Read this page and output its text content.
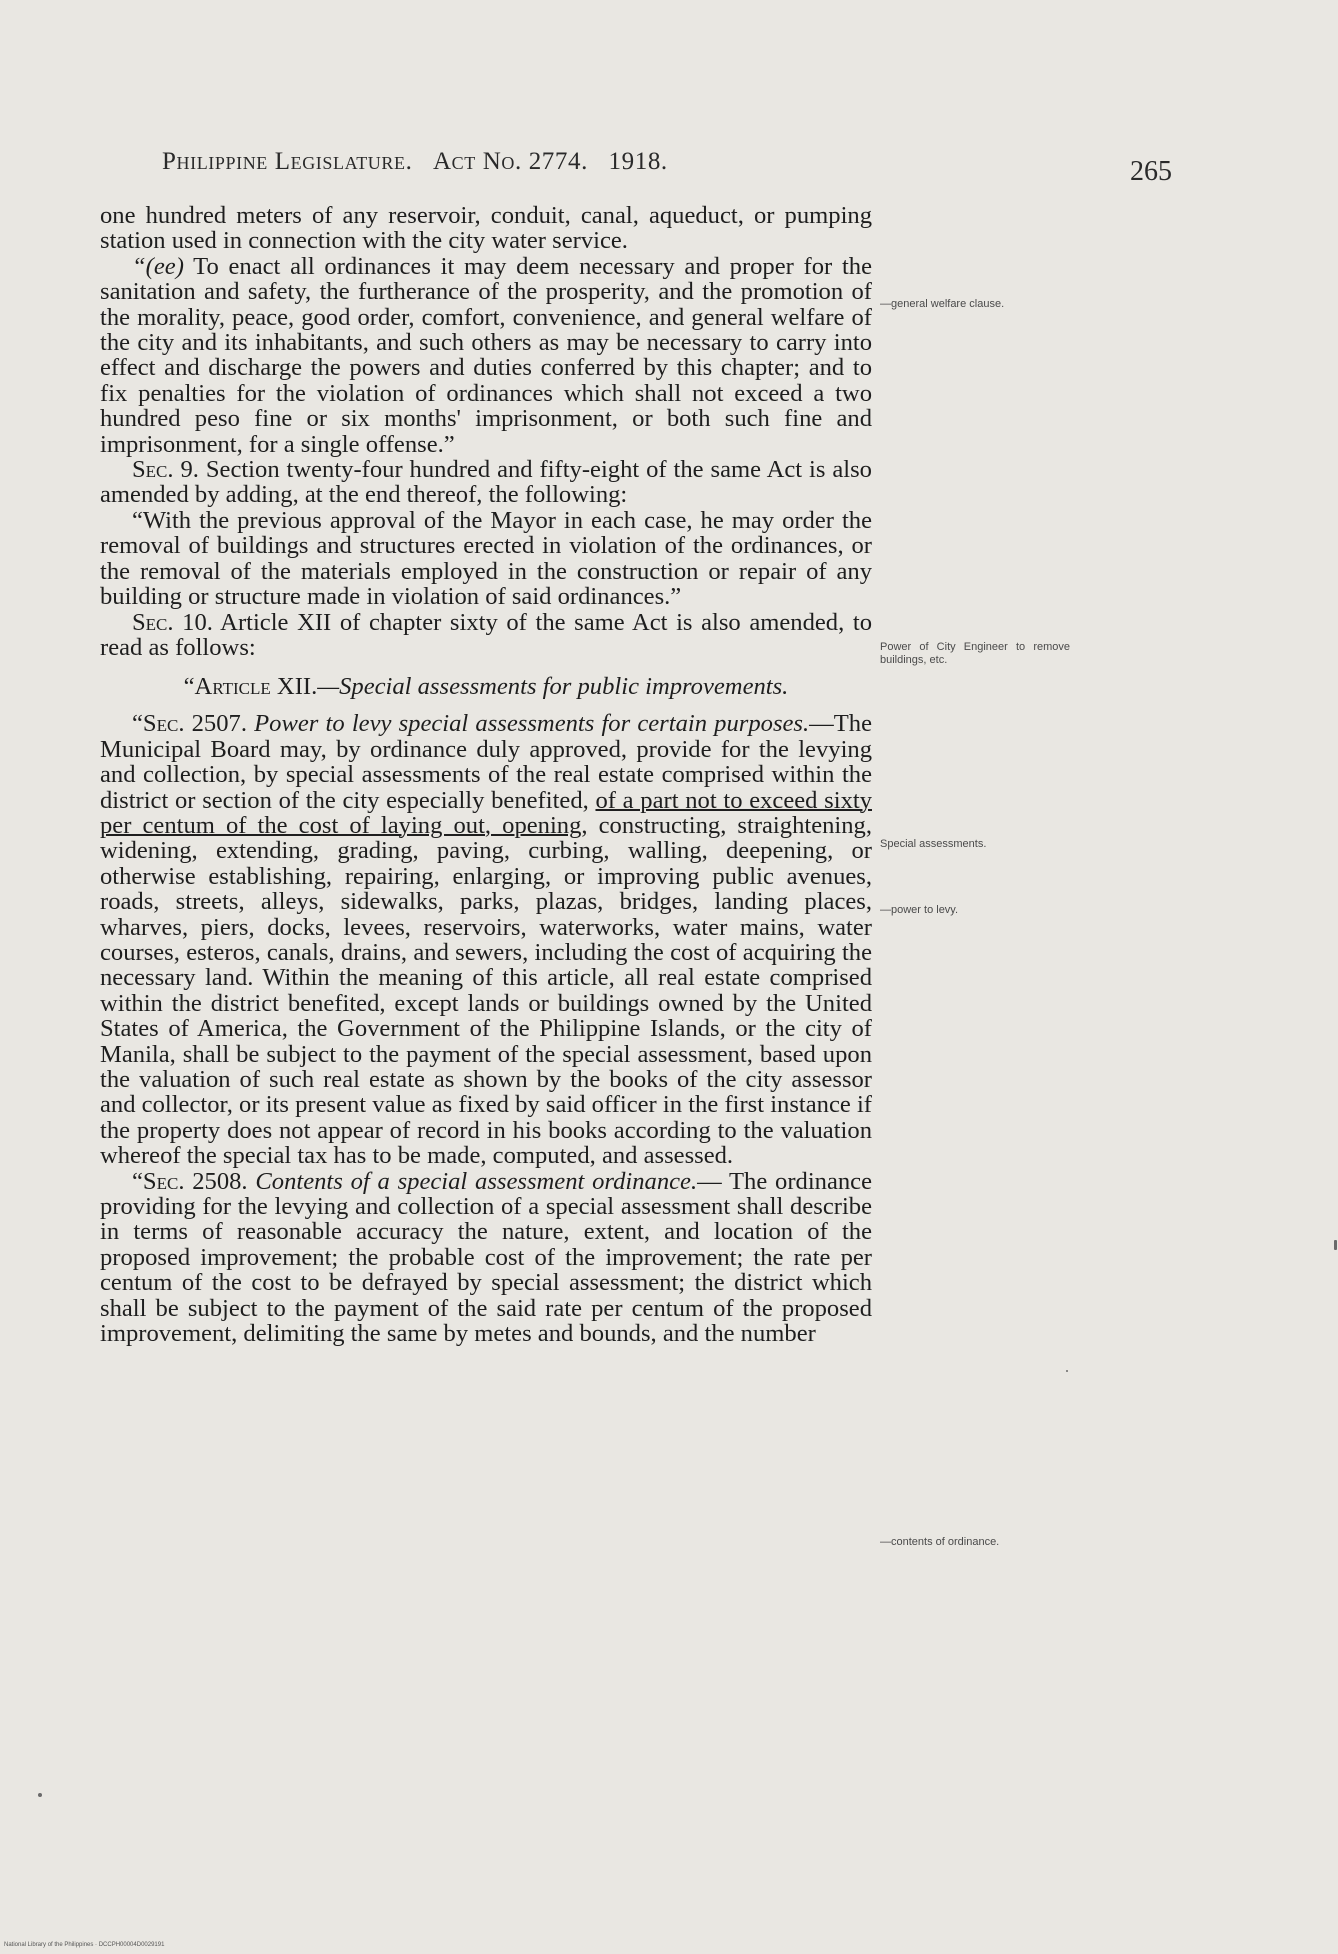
Philippine Legislature. Act No. 2774. 1918.	265

one hundred meters of any reservoir, conduit, canal, aqueduct, or pumping station used in connection with the city water service.

“(ee) To enact all ordinances it may deem necessary and proper for the sanitation and safety, the furtherance of the prosperity, and the promotion of the morality, peace, good order, comfort, convenience, and general welfare of the city and its inhabitants, and such others as may be necessary to carry into effect and discharge the powers and duties conferred by this chapter; and to fix penalties for the violation of ordinances which shall not exceed a two hundred peso fine or six months' imprisonment, or both such fine and imprisonment, for a single offense.”

Sec. 9. Section twenty-four hundred and fifty-eight of the same Act is also amended by adding, at the end thereof, the following:

“With the previous approval of the Mayor in each case, he may order the removal of buildings and structures erected in violation of the ordinances, or the removal of the materials employed in the construction or repair of any building or structure made in violation of said ordinances.”

Sec. 10. Article XII of chapter sixty of the same Act is also amended, to read as follows:

“Article XII.—Special assessments for public improvements.

“Sec. 2507. Power to levy special assessments for certain purposes.—The Municipal Board may, by ordinance duly approved, provide for the levying and collection, by special assessments of the real estate comprised within the district or section of the city especially benefited, of a part not to exceed sixty per centum of the cost of laying out, opening, constructing, straightening, widening, extending, grading, paving, curbing, walling, deepening, or otherwise establishing, repairing, enlarging, or improving public avenues, roads, streets, alleys, sidewalks, parks, plazas, bridges, landing places, wharves, piers, docks, levees, reservoirs, waterworks, water mains, water courses, esteros, canals, drains, and sewers, including the cost of acquiring the necessary land. Within the meaning of this article, all real estate comprised within the district benefited, except lands or buildings owned by the United States of America, the Government of the Philippine Islands, or the city of Manila, shall be subject to the payment of the special assessment, based upon the valuation of such real estate as shown by the books of the city assessor and collector, or its present value as fixed by said officer in the first instance if the property does not appear of record in his books according to the valuation whereof the special tax has to be made, computed, and assessed.

“Sec. 2508. Contents of a special assessment ordinance.— The ordinance providing for the levying and collection of a special assessment shall describe in terms of reasonable accuracy the nature, extent, and location of the proposed improvement; the probable cost of the improvement; the rate per centum of the cost to be defrayed by special assessment; the district which shall be subject to the payment of the said rate per centum of the proposed improvement, delimiting the same by metes and bounds, and the number

—general welfare clause.
Power of City Engineer to remove buildings, etc.
Special assessments.
—power to levy.
—contents of ordinance.
National Library of the Philippines · DCCPH00004D0029191
